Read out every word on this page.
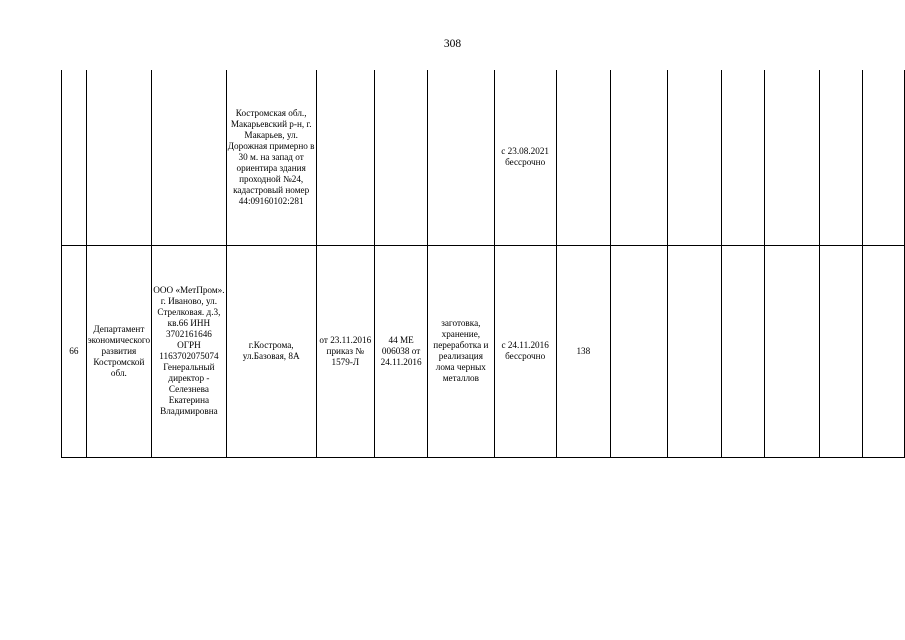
308
			Костромская обл., Макарьевский р-н, г. Макарьев, ул. Дорожная примерно в 30 м. на запад от ориентира здания проходной №24, кадастровый номер 44:09160102:281				с 23.08.2021 бессрочно							
66	Департамент экономического развития Костромской обл.	ООО «МетПром». г. Иваново, ул. Стрелковая. д.3, кв.66 ИНН 3702161646 ОГРН 1163702075074 Генеральный директор - Селезнева Екатерина Владимировна	г.Кострома, ул.Базовая, 8А	от 23.11.2016 приказ № 1579-Л	44 МЕ 006038 от 24.11.2016	заготовка, хранение, переработка и реализация лома черных металлов	с 24.11.2016 бессрочно	138						
